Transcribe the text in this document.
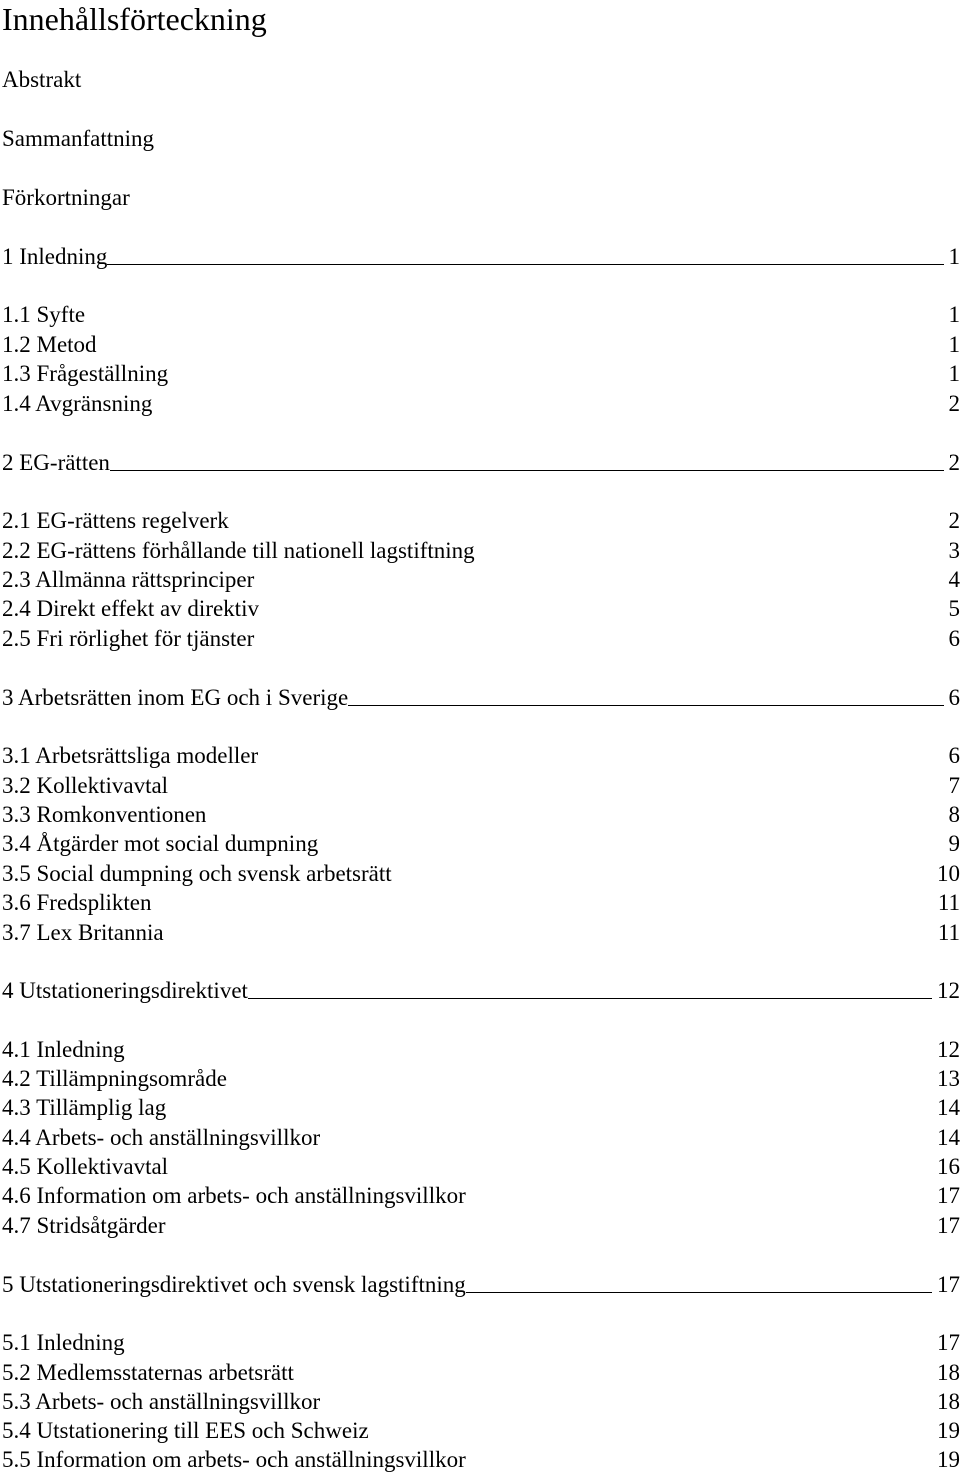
Innehållsförteckning
Abstrakt
Sammanfattning
Förkortningar
1 Inledning	1
1.1 Syfte	1
1.2 Metod	1
1.3 Frågeställning	1
1.4 Avgränsning	2
2 EG-rätten	2
2.1 EG-rättens regelverk	2
2.2 EG-rättens förhållande till nationell lagstiftning	3
2.3 Allmänna rättsprinciper	4
2.4 Direkt effekt av direktiv	5
2.5 Fri rörlighet för tjänster	6
3 Arbetsrätten inom EG och i Sverige	6
3.1 Arbetsrättsliga modeller	6
3.2 Kollektivavtal	7
3.3 Romkonventionen	8
3.4 Åtgärder mot social dumpning	9
3.5 Social dumpning och svensk arbetsrätt	10
3.6 Fredsplikten	11
3.7 Lex Britannia	11
4 Utstationeringsdirektivet	12
4.1 Inledning	12
4.2 Tillämpningsområde	13
4.3 Tillämplig lag	14
4.4 Arbets- och anställningsvillkor	14
4.5 Kollektivavtal	16
4.6 Information om arbets- och anställningsvillkor	17
4.7 Stridsåtgärder	17
5 Utstationeringsdirektivet och svensk lagstiftning	17
5.1 Inledning	17
5.2 Medlemsstaternas arbetsrätt	18
5.3 Arbets- och anställningsvillkor	18
5.4 Utstationering till EES och Schweiz	19
5.5 Information om arbets- och anställningsvillkor	19
